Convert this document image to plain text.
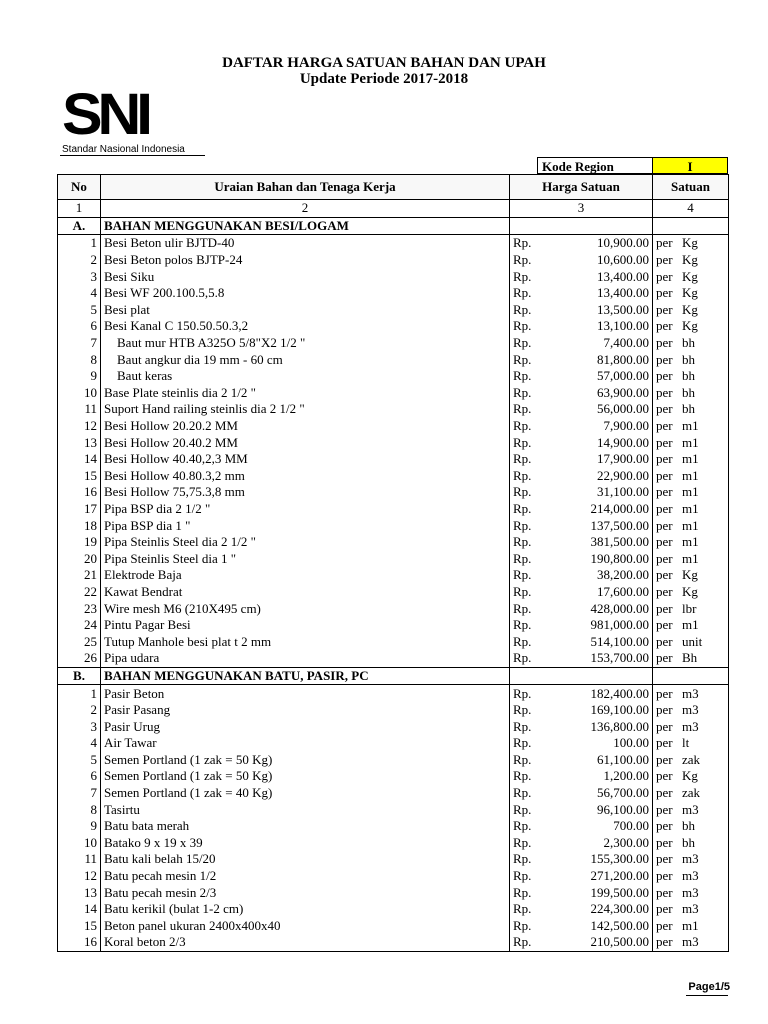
DAFTAR HARGA SATUAN BAHAN DAN UPAH
Update Periode 2017-2018
SNI
Standar Nasional Indonesia
Kode Region	I
No	Uraian Bahan dan Tenaga Kerja	Harga Satuan		Satuan
1	2	3		4
A.	BAHAN MENGGUNAKAN BESI/LOGAM			
1	Besi Beton ulir BJTD-40	Rp.	10,900.00	per Kg
2	Besi Beton polos BJTP-24	Rp.	10,600.00	per Kg
3	Besi Siku	Rp.	13,400.00	per Kg
4	Besi WF 200.100.5,5.8	Rp.	13,400.00	per Kg
5	Besi plat	Rp.	13,500.00	per Kg
6	Besi Kanal C 150.50.50.3,2	Rp.	13,100.00	per Kg
7	Baut mur HTB A325O 5/8"X2 1/2 "	Rp.	7,400.00	per bh
8	Baut angkur dia 19 mm - 60 cm	Rp.	81,800.00	per bh
9	Baut keras	Rp.	57,000.00	per bh
10	Base Plate steinlis dia 2 1/2 "	Rp.	63,900.00	per bh
11	Suport Hand railing steinlis dia 2 1/2 "	Rp.	56,000.00	per bh
12	Besi Hollow 20.20.2 MM	Rp.	7,900.00	per m1
13	Besi Hollow 20.40.2 MM	Rp.	14,900.00	per m1
14	Besi Hollow 40.40,2,3 MM	Rp.	17,900.00	per m1
15	Besi Hollow 40.80.3,2 mm	Rp.	22,900.00	per m1
16	Besi Hollow 75,75.3,8 mm	Rp.	31,100.00	per m1
17	Pipa BSP dia 2 1/2 "	Rp.	214,000.00	per m1
18	Pipa BSP dia 1 "	Rp.	137,500.00	per m1
19	Pipa Steinlis Steel dia 2 1/2 "	Rp.	381,500.00	per m1
20	Pipa Steinlis Steel dia 1 "	Rp.	190,800.00	per m1
21	Elektrode Baja	Rp.	38,200.00	per Kg
22	Kawat Bendrat	Rp.	17,600.00	per Kg
23	Wire mesh M6 (210X495 cm)	Rp.	428,000.00	per lbr
24	Pintu Pagar Besi	Rp.	981,000.00	per m1
25	Tutup Manhole besi plat t 2 mm	Rp.	514,100.00	per unit
26	Pipa udara	Rp.	153,700.00	per Bh
B.	BAHAN MENGGUNAKAN BATU, PASIR, PC			
1	Pasir Beton	Rp.	182,400.00	per m3
2	Pasir Pasang	Rp.	169,100.00	per m3
3	Pasir Urug	Rp.	136,800.00	per m3
4	Air Tawar	Rp.	100.00	per lt
5	Semen Portland (1 zak = 50 Kg)	Rp.	61,100.00	per zak
6	Semen Portland (1 zak = 50 Kg)	Rp.	1,200.00	per Kg
7	Semen Portland (1 zak = 40 Kg)	Rp.	56,700.00	per zak
8	Tasirtu	Rp.	96,100.00	per m3
9	Batu bata merah	Rp.	700.00	per bh
10	Batako 9 x 19 x 39	Rp.	2,300.00	per bh
11	Batu kali belah 15/20	Rp.	155,300.00	per m3
12	Batu pecah mesin 1/2	Rp.	271,200.00	per m3
13	Batu pecah mesin 2/3	Rp.	199,500.00	per m3
14	Batu kerikil (bulat 1-2 cm)	Rp.	224,300.00	per m3
15	Beton panel ukuran 2400x400x40	Rp.	142,500.00	per m1
16	Koral beton 2/3	Rp.	210,500.00	per m3
Page1/5
